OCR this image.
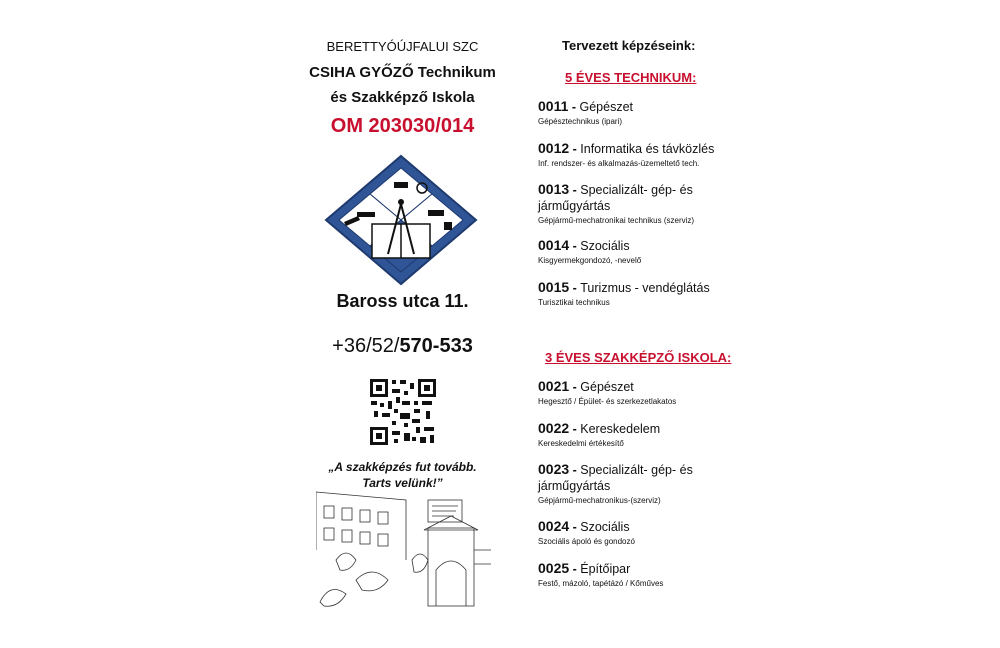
BERETTYÓÚJFALUI SZC
CSIHA GYŐZŐ Technikum
és Szakképző Iskola
OM 203030/014
Baross utca 11.
+36/52/570-533
„A szakképzés fut tovább.
Tarts velünk!”
Tervezett képzéseink:
5 ÉVES TECHNIKUM:
0011 - Gépészet
Gépésztechnikus (ipari)
0012 - Informatika és távközlés
Inf. rendszer- és alkalmazás-üzemeltető tech.
0013 - Specializált- gép- és járműgyártás
Gépjármű-mechatronikai technikus (szerviz)
0014 - Szociális
Kisgyermekgondozó, -nevelő
0015 - Turizmus - vendéglátás
Turisztikai technikus
3 ÉVES SZAKKÉPZŐ ISKOLA:
0021 - Gépészet
Hegesztő / Épület- és szerkezetlakatos
0022 - Kereskedelem
Kereskedelmi értékesítő
0023 - Specializált- gép- és járműgyártás
Gépjármű-mechatronikus-(szerviz)
0024 - Szociális
Szociális ápoló és gondozó
0025 - Építőipar
Festő, mázoló, tapétázó / Kőműves
